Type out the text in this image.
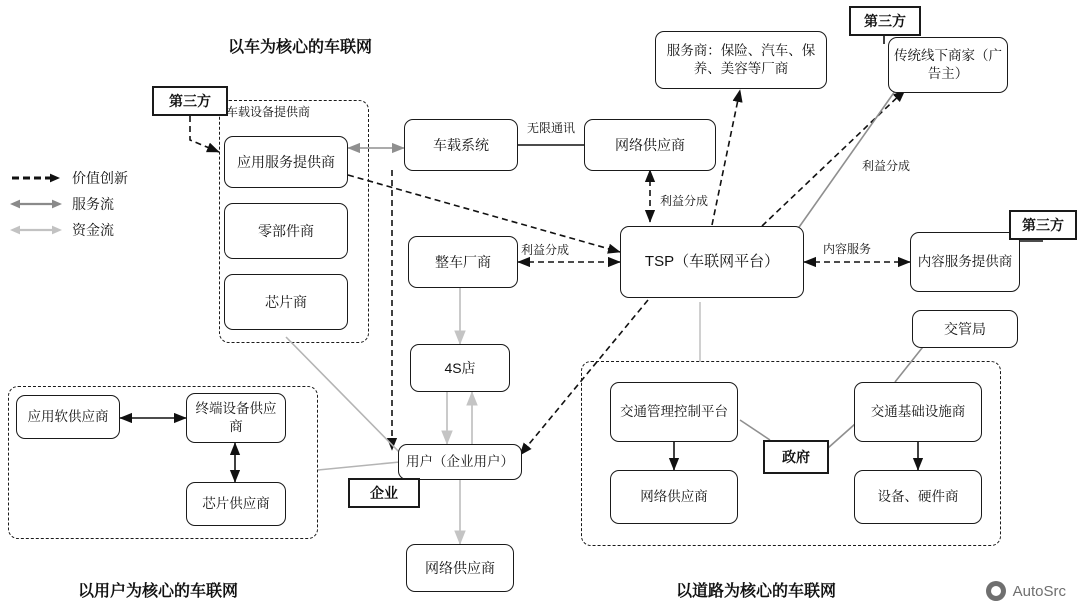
价值创新
服务流
资金流
以车为核心的车联网
以用户为核心的车联网	以道路为核心的车联网
车载设备提供商
无限通讯
利益分成
利益分成
利益分成
内容服务
第三方
应用服务提供商
零部件商
芯片商
车载系统	网络供应商
服务商：保险、汽车、保养、美容等厂商
第三方
传统线下商家（广告主）
整车厂商	TSP（车联网平台）	内容服务提供商
第三方
4S店
交管局
应用软供应商
终端设备供应商
芯片供应商
用户（企业用户）
企业
网络供应商
交通管理控制平台	交通基础设施商
政府
网络供应商	设备、硬件商
AutoSrc
